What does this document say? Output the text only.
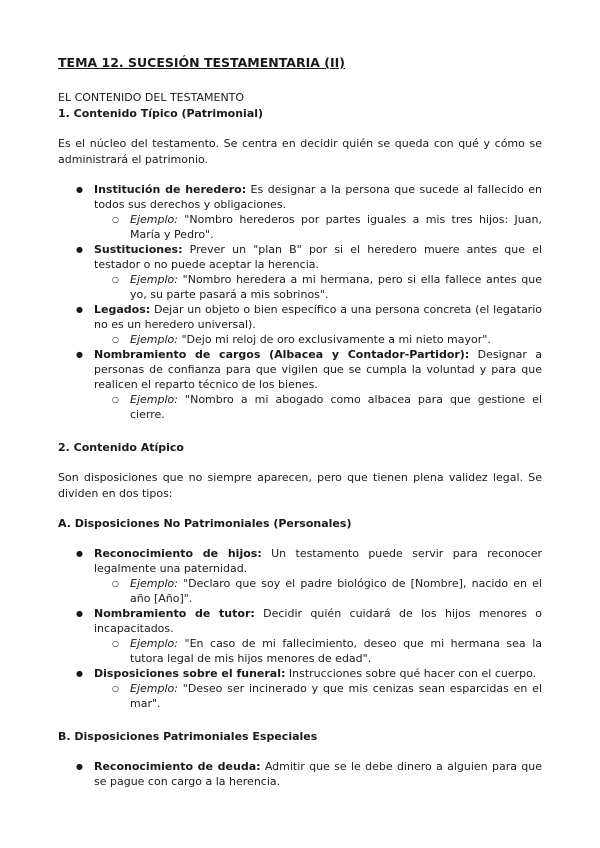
TEMA 12. SUCESIÓN TESTAMENTARIA (II)

EL CONTENIDO DEL TESTAMENTO

1. Contenido Típico (Patrimonial)

Es el núcleo del testamento. Se centra en decidir quién se queda con qué y cómo se administrará el patrimonio.

● Institución de heredero: Es designar a la persona que sucede al fallecido en todos sus derechos y obligaciones.
○ Ejemplo: "Nombro herederos por partes iguales a mis tres hijos: Juan, María y Pedro".
● Sustituciones: Prever un "plan B" por si el heredero muere antes que el testador o no puede aceptar la herencia.
○ Ejemplo: "Nombro heredera a mi hermana, pero si ella fallece antes que yo, su parte pasará a mis sobrinos".
● Legados: Dejar un objeto o bien específico a una persona concreta (el legatario no es un heredero universal).
○ Ejemplo: "Dejo mi reloj de oro exclusivamente a mi nieto mayor".
● Nombramiento de cargos (Albacea y Contador-Partidor): Designar a personas de confianza para que vigilen que se cumpla la voluntad y para que realicen el reparto técnico de los bienes.
○ Ejemplo: "Nombro a mi abogado como albacea para que gestione el cierre.

2. Contenido Atípico

Son disposiciones que no siempre aparecen, pero que tienen plena validez legal. Se dividen en dos tipos:

A. Disposiciones No Patrimoniales (Personales)

● Reconocimiento de hijos: Un testamento puede servir para reconocer legalmente una paternidad.
○ Ejemplo: "Declaro que soy el padre biológico de [Nombre], nacido en el año [Año]".
● Nombramiento de tutor: Decidir quién cuidará de los hijos menores o incapacitados.
○ Ejemplo: "En caso de mi fallecimiento, deseo que mi hermana sea la tutora legal de mis hijos menores de edad".
● Disposiciones sobre el funeral: Instrucciones sobre qué hacer con el cuerpo.
○ Ejemplo: "Deseo ser incinerado y que mis cenizas sean esparcidas en el mar".

B. Disposiciones Patrimoniales Especiales

● Reconocimiento de deuda: Admitir que se le debe dinero a alguien para que se pague con cargo a la herencia.
